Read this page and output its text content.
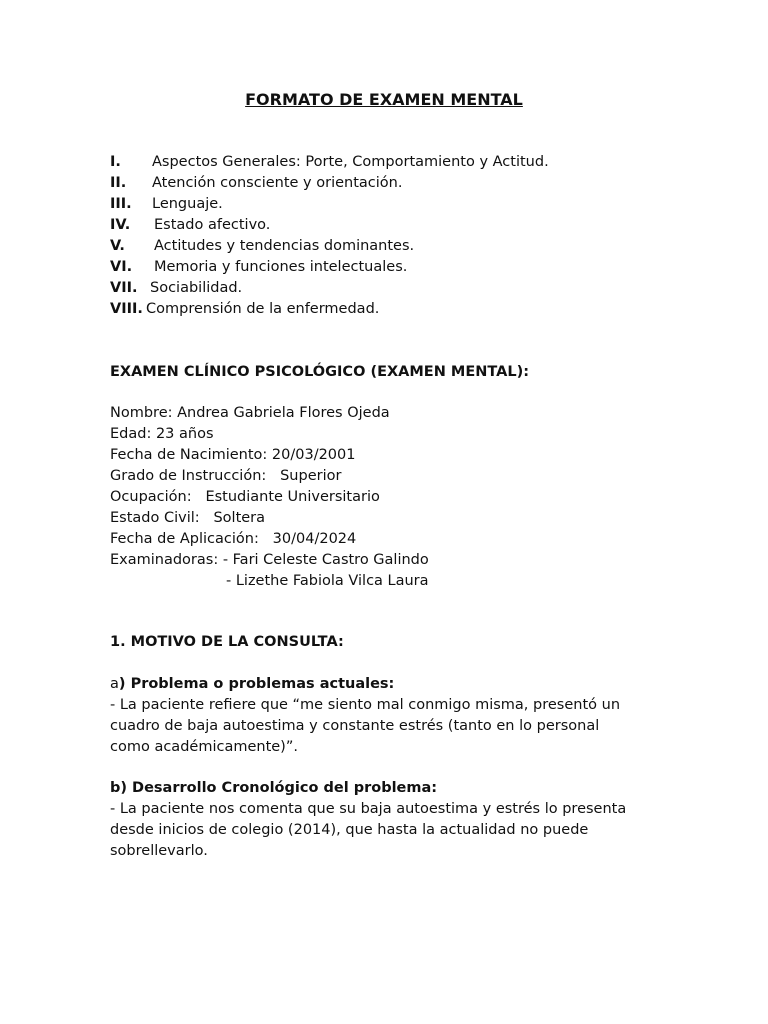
FORMATO DE EXAMEN MENTAL
I. Aspectos Generales: Porte, Comportamiento y Actitud.
II. Atención consciente y orientación.
III. Lenguaje.
IV. Estado afectivo.
V. Actitudes y tendencias dominantes.
VI. Memoria y funciones intelectuales.
VII. Sociabilidad.
VIII. Comprensión de la enfermedad.
EXAMEN CLÍNICO PSICOLÓGICO (EXAMEN MENTAL):
Nombre: Andrea Gabriela Flores Ojeda
Edad: 23 años
Fecha de Nacimiento: 20/03/2001
Grado de Instrucción:   Superior
Ocupación:   Estudiante Universitario
Estado Civil:   Soltera
Fecha de Aplicación:   30/04/2024
Examinadoras: - Fari Celeste Castro Galindo
- Lizethe Fabiola Vilca Laura
1. MOTIVO DE LA CONSULTA:
a) Problema o problemas actuales:
- La paciente refiere que “me siento mal conmigo misma, presentó un
cuadro de baja autoestima y constante estrés (tanto en lo personal
como académicamente)”.
b) Desarrollo Cronológico del problema:
- La paciente nos comenta que su baja autoestima y estrés lo presenta
desde inicios de colegio (2014), que hasta la actualidad no puede
sobrellevarlo.
